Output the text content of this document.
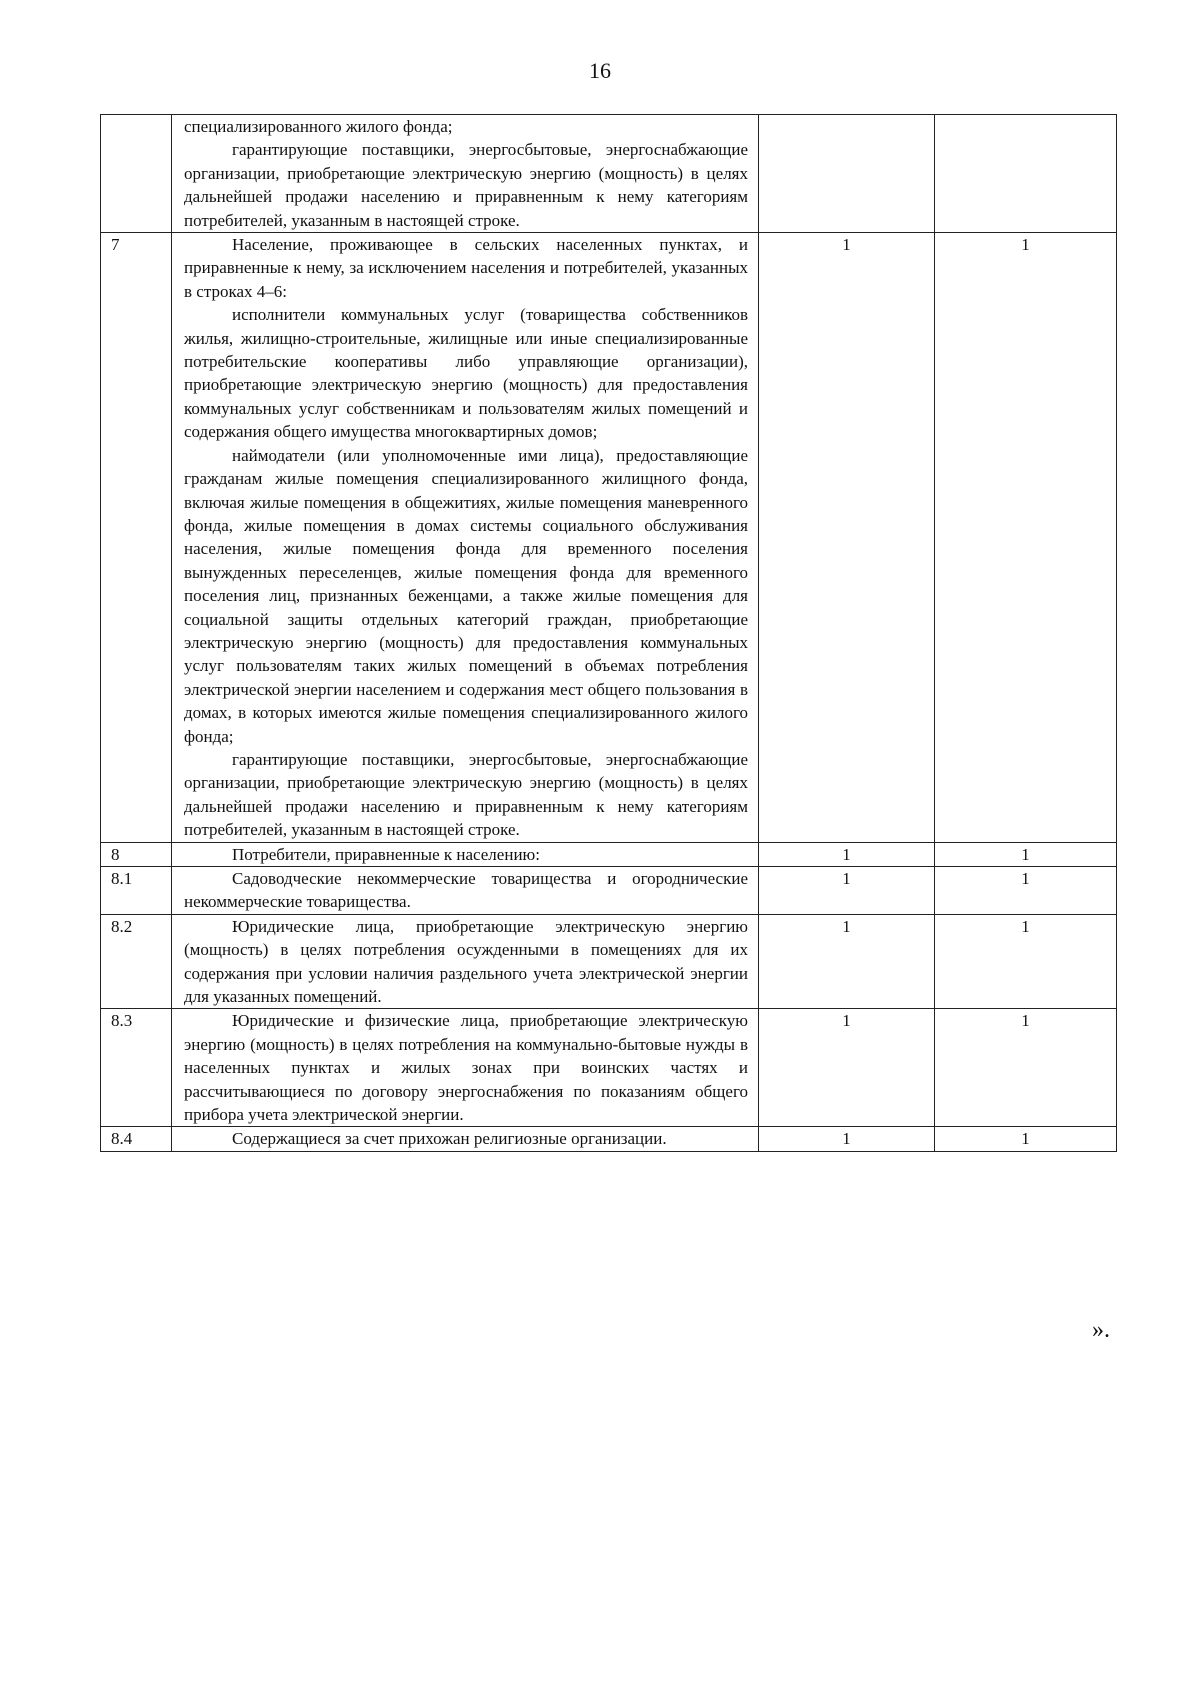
16

	специализированного жилого фонда;
гарантирующие поставщики, энергосбытовые, энергоснабжающие организации, приобретающие электрическую энергию (мощность) в целях дальнейшей продажи населению и приравненным к нему категориям потребителей, указанным в настоящей строке.		

7	Население, проживающее в сельских населенных пунктах, и приравненные к нему, за исключением населения и потребителей, указанных в строках 4–6:
исполнители коммунальных услуг (товарищества собственников жилья, жилищно-строительные, жилищные или иные специализированные потребительские кооперативы либо управляющие организации), приобретающие электрическую энергию (мощность) для предоставления коммунальных услуг собственникам и пользователям жилых помещений и содержания общего имущества многоквартирных домов;
наймодатели (или уполномоченные ими лица), предоставляющие гражданам жилые помещения специализированного жилищного фонда, включая жилые помещения в общежитиях, жилые помещения маневренного фонда, жилые помещения в домах системы социального обслуживания населения, жилые помещения фонда для временного поселения вынужденных переселенцев, жилые помещения фонда для временного поселения лиц, признанных беженцами, а также жилые помещения для социальной защиты отдельных категорий граждан, приобретающие электрическую энергию (мощность) для предоставления коммунальных услуг пользователям таких жилых помещений в объемах потребления электрической энергии населением и содержания мест общего пользования в домах, в которых имеются жилые помещения специализированного жилого фонда;
гарантирующие поставщики, энергосбытовые, энергоснабжающие организации, приобретающие электрическую энергию (мощность) в целях дальнейшей продажи населению и приравненным к нему категориям потребителей, указанным в настоящей строке.	1	1
8	Потребители, приравненные к населению:	1	1
8.1	Садоводческие некоммерческие товарищества и огороднические некоммерческие товарищества.	1	1
8.2	Юридические лица, приобретающие электрическую энергию (мощность) в целях потребления осужденными в помещениях для их содержания при условии наличия раздельного учета электрической энергии для указанных помещений.	1	1
8.3	Юридические и физические лица, приобретающие электрическую энергию (мощность) в целях потребления на коммунально-бытовые нужды в населенных пунктах и жилых зонах при воинских частях и рассчитывающиеся по договору энергоснабжения по показаниям общего прибора учета электрической энергии.	1	1
8.4	Содержащиеся за счет прихожан религиозные организации.	1	1
».
